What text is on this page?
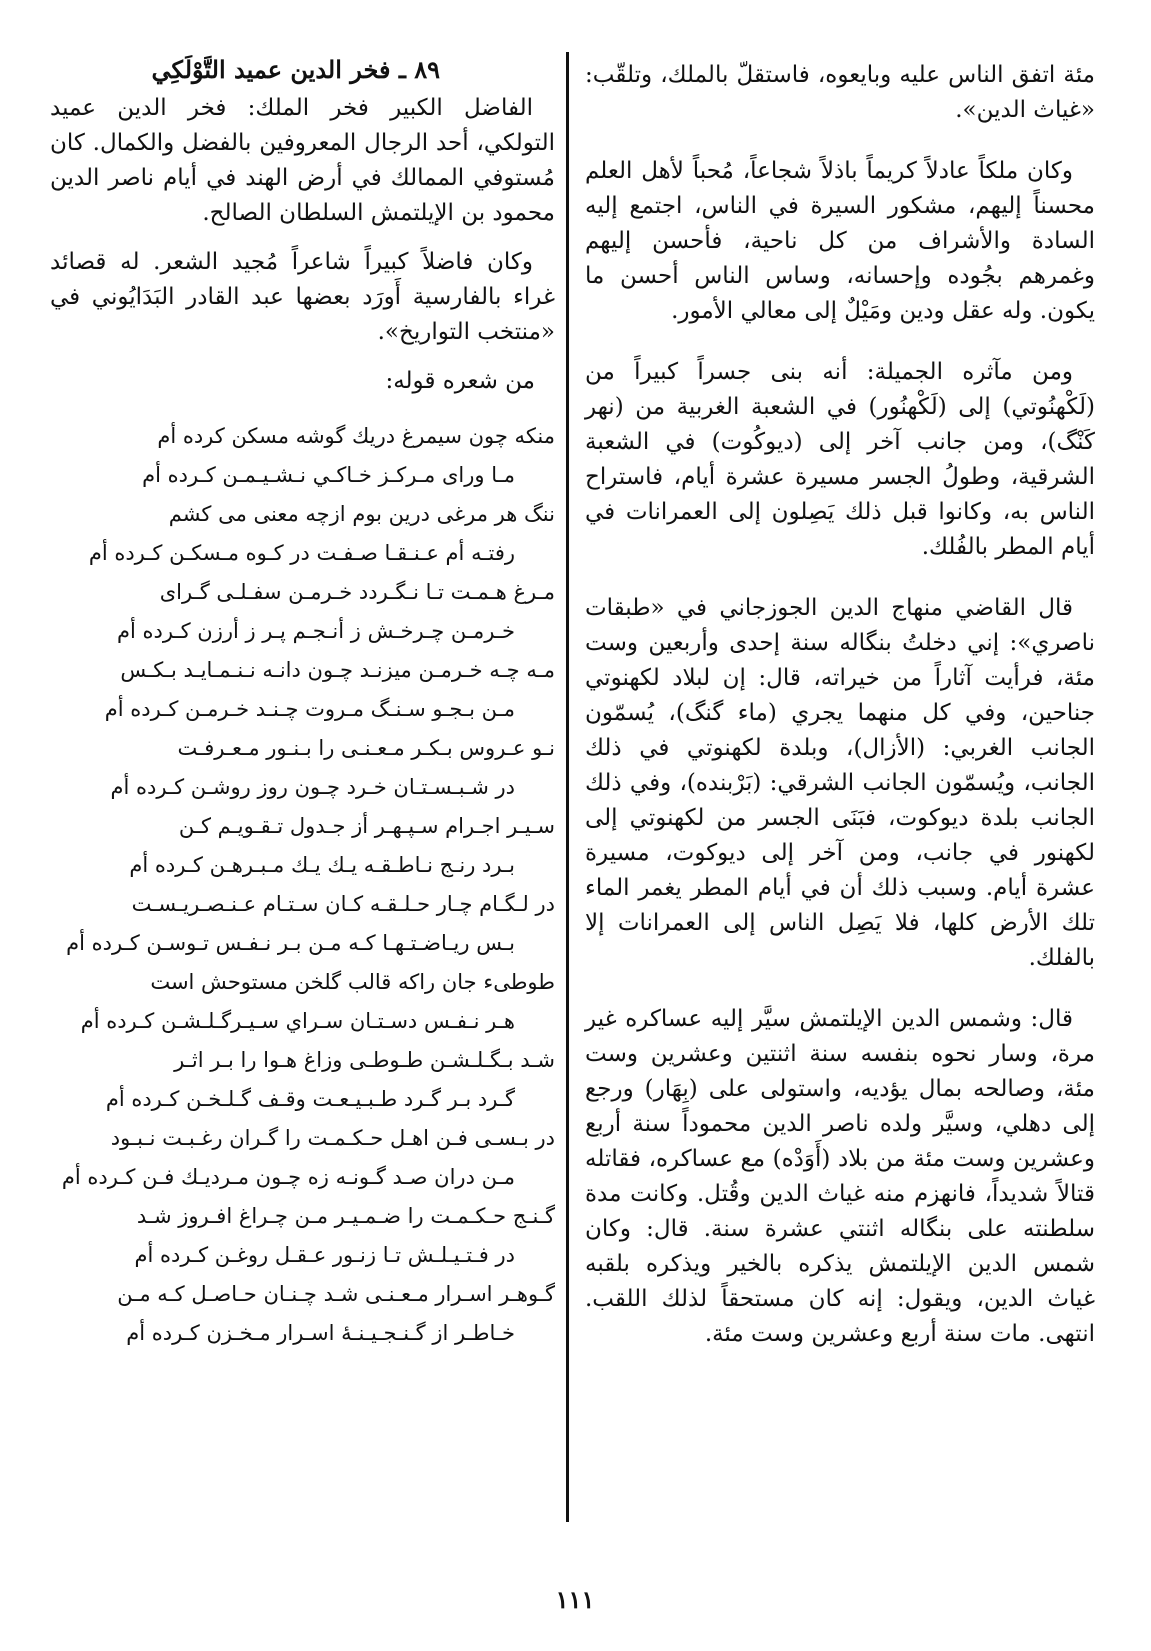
مئة اتفق الناس عليه وبايعوه، فاستقلّ بالملك، وتلقّب: «غياث الدين».

وكان ملكاً عادلاً كريماً باذلاً شجاعاً، مُحباً لأهل العلم محسناً إليهم، مشكور السيرة في الناس، اجتمع إليه السادة والأشراف من كل ناحية، فأحسن إليهم وغمرهم بجُوده وإحسانه، وساس الناس أحسن ما يكون. وله عقل ودين ومَيْلٌ إلى معالي الأمور.

ومن مآثره الجميلة: أنه بنى جسراً كبيراً من (لَكْهنُوتي) إلى (لَكْهنُور) في الشعبة الغربية من (نهر كَنْگ)، ومن جانب آخر إلى (ديوكُوت) في الشعبة الشرقية، وطولُ الجسر مسيرة عشرة أيام، فاستراح الناس به، وكانوا قبل ذلك يَصِلون إلى العمرانات في أيام المطر بالفُلك.

قال القاضي منهاج الدين الجوزجاني في «طبقات ناصري»: إني دخلتُ بنگاله سنة إحدى وأربعين وست مئة، فرأيت آثاراً من خيراته، قال: إن لبلاد لكهنوتي جناحين، وفي كل منهما يجري (ماء گنگ)، يُسمّون الجانب الغربي: (الأزال)، وبلدة لكهنوتي في ذلك الجانب، ويُسمّون الجانب الشرقي: (بَرْبنده)، وفي ذلك الجانب بلدة ديوكوت، فبَنَى الجسر من لكهنوتي إلى لكهنور في جانب، ومن آخر إلى ديوكوت، مسيرة عشرة أيام. وسبب ذلك أن في أيام المطر يغمر الماء تلك الأرض كلها، فلا يَصِل الناس إلى العمرانات إلا بالفلك.

قال: وشمس الدين الإيلتمش سيَّر إليه عساكره غير مرة، وسار نحوه بنفسه سنة اثنتين وعشرين وست مئة، وصالحه بمال يؤديه، واستولى على (بِهَار) ورجع إلى دهلي، وسيَّر ولده ناصر الدين محموداً سنة أربع وعشرين وست مئة من بلاد (أَوَدْه) مع عساكره، فقاتله قتالاً شديداً، فانهزم منه غياث الدين وقُتل. وكانت مدة سلطنته على بنگاله اثنتي عشرة سنة. قال: وكان شمس الدين الإيلتمش يذكره بالخير ويذكره بلقبه غياث الدين، ويقول: إنه كان مستحقاً لذلك اللقب. انتهى. مات سنة أربع وعشرين وست مئة.

٨٩ ـ فخر الدين عميد التَّوْلَكِي

الفاضل الكبير فخر الملك: فخر الدين عميد التولكي، أحد الرجال المعروفين بالفضل والكمال. كان مُستوفي الممالك في أرض الهند في أيام ناصر الدين محمود بن الإيلتمش السلطان الصالح.

وكان فاضلاً كبيراً شاعراً مُجيد الشعر. له قصائد غراء بالفارسية أَورَد بعضها عبد القادر البَدَايُوني في «منتخب التواريخ».

من شعره قوله:

منكه چون سيمرغ دريك گوشه مسكن كرده أم

مـا وراى مـركـز خـاكـي نـشـيـمـن كـرده أم

ننگ هر مرغى درين بوم ازچه معنى مى كشم

رفتـه أم عـنـقـا صـفـت در كـوه مـسكـن كـرده أم

مـرغ هـمـت تـا نـگـردد خـرمـن سفـلـى گـراى

خـرمـن چـرخـش ز أنـجـم پـر ز أرزن كـرده أم

مـه چـه خـرمـن ميزنـد چـون دانـه نـنـمـايـد بـكـس

مـن بـجـو سـنـگ مـروت چـنـد خـرمـن كـرده أم

نـو عـروس بـكـر مـعـنـى را بـنـور مـعـرفـت

در شـبـسـتـان خـرد چـون روز روشـن كـرده أم

سـيـر اجـرام سـپـهـر أز جـدول تـقـويـم كـن

بـرد رنـج نـاطـقـه يـك يـك مـبـرهـن كـرده أم

در لـگـام چـار حـلـقـه كـان سـتـام عـنـصـريـسـت

بـس ريـاضـتـهـا كـه مـن بـر نـفـس تـوسـن كـرده أم

طوطىء جان راكه قالب گلخن مستوحش است

هـر نـفـس دسـتـان سـراي سـيـرگـلـشـن كـرده أم

شـد بـگـلـشـن طـوطـى وزاغ هـوا را بـر اثـر

گـرد بـر گـرد طـبـيـعـت وقـف گـلـخـن كـرده أم

در بـسـى فـن اهـل حـكـمـت را گـران رغـبـت نـبـود

مـن دران صـد گـونـه زه چـون مـرديـك فـن كـرده أم

گـنـج حـكـمـت را ضـمـيـر مـن چـراغ افـروز شـد

در فـتـيـلـش تـا زنـور عـقـل روغـن كـرده أم

گـوهـر اسـرار مـعـنـى شـد چـنـان حـاصـل كـه مـن

خـاطـر از گـنـجـيـنـهٔ اسـرار مـخـزن كـرده أم

١١١
